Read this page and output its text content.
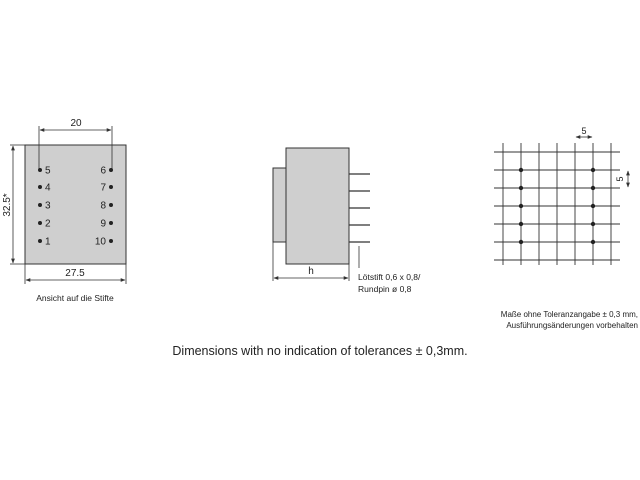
20
32.5*
27.5
5
4
3
2
1
6
7
8
9
10
Ansicht auf die Stifte
h	Lötstift 0,6 x 0,8/
Rundpin ø 0,8
5
5
Maße ohne Toleranzangabe ± 0,3 mm,
Ausführungsänderungen vorbehalten
Dimensions with no indication of tolerances ± 0,3mm.
